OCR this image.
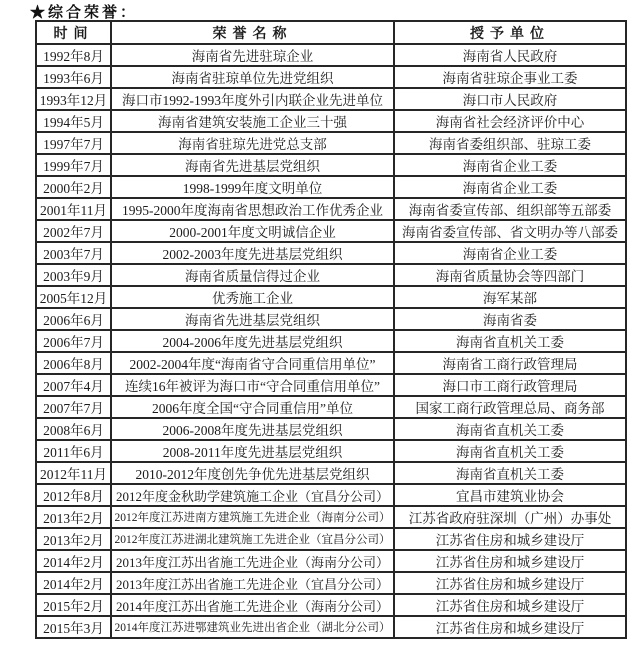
★综合荣誉：
时间	荣誉名称	授予单位
1992年8月	海南省先进驻琼企业	海南省人民政府
1993年6月	海南省驻琼单位先进党组织	海南省驻琼企事业工委
1993年12月	海口市1992-1993年度外引内联企业先进单位	海口市人民政府
1994年5月	海南省建筑安装施工企业三十强	海南省社会经济评价中心
1997年7月	海南省驻琼先进党总支部	海南省委组织部、驻琼工委
1999年7月	海南省先进基层党组织	海南省企业工委
2000年2月	1998-1999年度文明单位	海南省企业工委
2001年11月	1995-2000年度海南省思想政治工作优秀企业	海南省委宣传部、组织部等五部委
2002年7月	2000-2001年度文明诚信企业	海南省委宣传部、省文明办等八部委
2003年7月	2002-2003年度先进基层党组织	海南省企业工委
2003年9月	海南省质量信得过企业	海南省质量协会等四部门
2005年12月	优秀施工企业	海军某部
2006年6月	海南省先进基层党组织	海南省委
2006年7月	2004-2006年度先进基层党组织	海南省直机关工委
2006年8月	2002-2004年度“海南省守合同重信用单位”	海南省工商行政管理局
2007年4月	连续16年被评为海口市“守合同重信用单位”	海口市工商行政管理局
2007年7月	2006年度全国“守合同重信用”单位	国家工商行政管理总局、商务部
2008年6月	2006-2008年度先进基层党组织	海南省直机关工委
2011年6月	2008-2011年度先进基层党组织	海南省直机关工委
2012年11月	2010-2012年度创先争优先进基层党组织	海南省直机关工委
2012年8月	2012年度金秋助学建筑施工企业（宜昌分公司）	宜昌市建筑业协会
2013年2月	2012年度江苏进南方建筑施工先进企业（海南分公司）	江苏省政府驻深圳（广州）办事处
2013年2月	2012年度江苏进湖北建筑施工先进企业（宜昌分公司）	江苏省住房和城乡建设厅
2014年2月	2013年度江苏出省施工先进企业（海南分公司）	江苏省住房和城乡建设厅
2014年2月	2013年度江苏出省施工先进企业（宜昌分公司）	江苏省住房和城乡建设厅
2015年2月	2014年度江苏出省施工先进企业（海南分公司）	江苏省住房和城乡建设厅
2015年3月	2014年度江苏进鄂建筑业先进出省企业（湖北分公司）	江苏省住房和城乡建设厅
